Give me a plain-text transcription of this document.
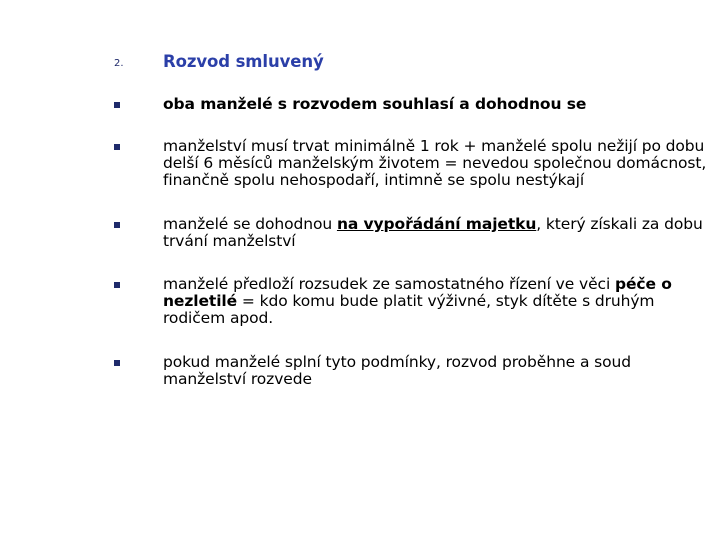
2. Rozvod smluvený
oba manželé s rozvodem souhlasí a dohodnou se
manželství musí trvat minimálně 1 rok + manželé spolu nežijí po dobu delší 6 měsíců manželským životem = nevedou společnou domácnost, finančně spolu nehospodaří, intimně se spolu nestýkají
manželé se dohodnou na vypořádání majetku, který získali za dobu trvání manželství
manželé předloží rozsudek ze samostatného řízení ve věci péče o nezletilé = kdo komu bude platit výživné, styk dítěte s druhým rodičem apod.
pokud manželé splní tyto podmínky, rozvod proběhne a soud manželství rozvede
